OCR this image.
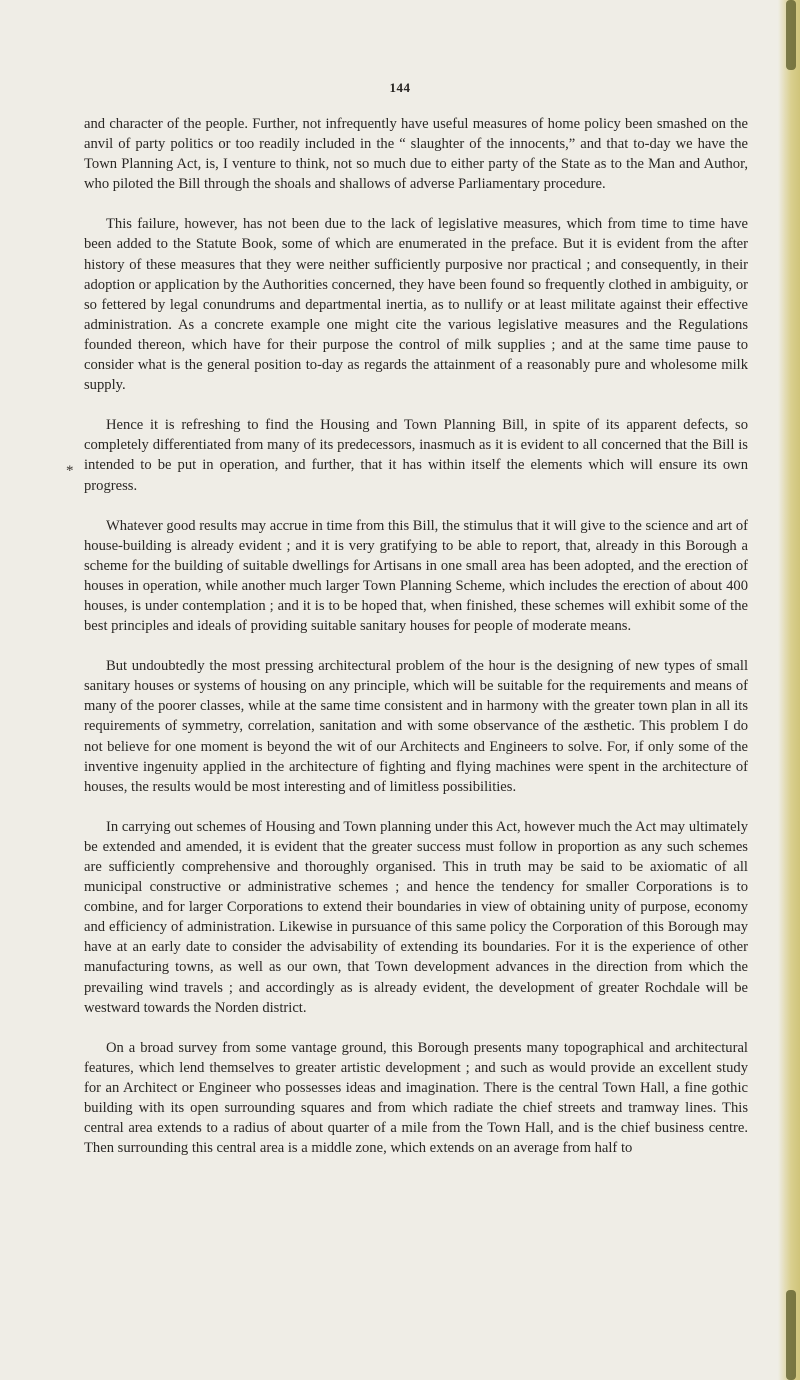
144
*

and character of the people. Further, not infrequently have useful measures of home policy been smashed on the anvil of party politics or too readily included in the “ slaughter of the innocents,” and that to-day we have the Town Planning Act, is, I venture to think, not so much due to either party of the State as to the Man and Author, who piloted the Bill through the shoals and shallows of adverse Parliamentary procedure.

This failure, however, has not been due to the lack of legislative measures, which from time to time have been added to the Statute Book, some of which are enumerated in the preface. But it is evident from the after history of these measures that they were neither sufficiently purposive nor practical ; and consequently, in their adoption or application by the Authorities concerned, they have been found so frequently clothed in ambiguity, or so fettered by legal conundrums and departmental inertia, as to nullify or at least militate against their effective administration. As a concrete example one might cite the various legislative measures and the Regulations founded thereon, which have for their purpose the control of milk supplies ; and at the same time pause to consider what is the general position to-day as regards the attainment of a reasonably pure and wholesome milk supply.

Hence it is refreshing to find the Housing and Town Planning Bill, in spite of its apparent defects, so completely differentiated from many of its predecessors, inasmuch as it is evident to all concerned that the Bill is intended to be put in operation, and further, that it has within itself the elements which will ensure its own progress.

Whatever good results may accrue in time from this Bill, the stimulus that it will give to the science and art of house-building is already evident ; and it is very gratifying to be able to report, that, already in this Borough a scheme for the building of suitable dwellings for Artisans in one small area has been adopted, and the erection of houses in operation, while another much larger Town Planning Scheme, which includes the erection of about 400 houses, is under contemplation ; and it is to be hoped that, when finished, these schemes will exhibit some of the best principles and ideals of providing suitable sanitary houses for people of moderate means.

But undoubtedly the most pressing architectural problem of the hour is the designing of new types of small sanitary houses or systems of housing on any principle, which will be suitable for the requirements and means of many of the poorer classes, while at the same time consistent and in harmony with the greater town plan in all its requirements of symmetry, correlation, sanitation and with some observance of the æsthetic. This problem I do not believe for one moment is beyond the wit of our Architects and Engineers to solve. For, if only some of the inventive ingenuity applied in the architecture of fighting and flying machines were spent in the architecture of houses, the results would be most interesting and of limitless possibilities.

In carrying out schemes of Housing and Town planning under this Act, however much the Act may ultimately be extended and amended, it is evident that the greater success must follow in proportion as any such schemes are sufficiently comprehensive and thoroughly organised. This in truth may be said to be axiomatic of all municipal constructive or administrative schemes ; and hence the tendency for smaller Corporations is to combine, and for larger Corporations to extend their boundaries in view of obtaining unity of purpose, economy and efficiency of administration. Likewise in pursuance of this same policy the Corporation of this Borough may have at an early date to consider the advisability of extending its boundaries. For it is the experience of other manufacturing towns, as well as our own, that Town development advances in the direction from which the prevailing wind travels ; and accordingly as is already evident, the development of greater Rochdale will be westward towards the Norden district.

On a broad survey from some vantage ground, this Borough presents many topographical and architectural features, which lend themselves to greater artistic development ; and such as would provide an excellent study for an Architect or Engineer who possesses ideas and imagination. There is the central Town Hall, a fine gothic building with its open surrounding squares and from which radiate the chief streets and tramway lines. This central area extends to a radius of about quarter of a mile from the Town Hall, and is the chief business centre. Then surrounding this central area is a middle zone, which extends on an average from half to
